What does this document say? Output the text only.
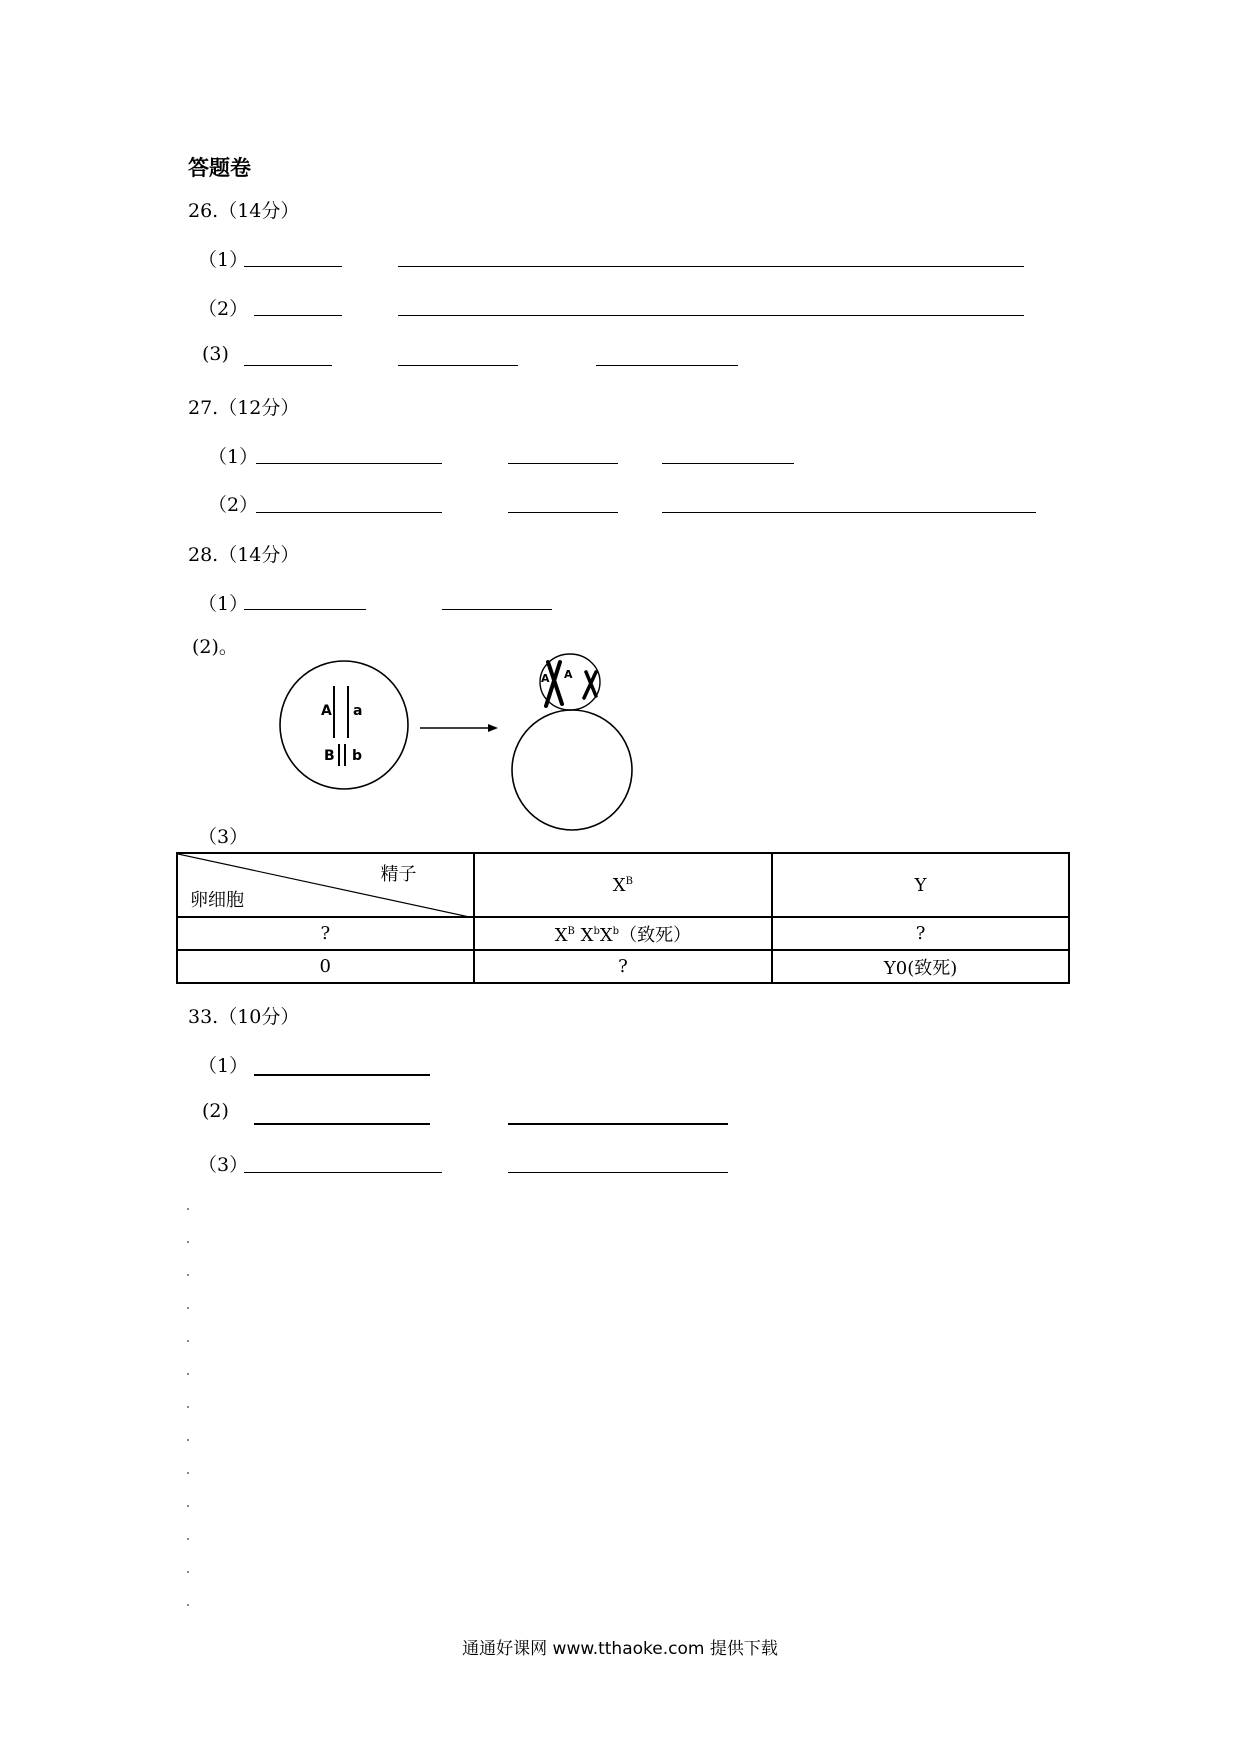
答题卷
26.（14分）
（1）
（2）
(3)
27.（12分）
（1）
（2）
28.（14分）
（1）
(2)。
A a
B b
A A
（3）
精子
卵细胞	$X^B$	Y
?	$X^B$ $X^bX^b$（致死）	?
0	?	Y0(致死)
33.（10分）
（1）
(2)
（3）
通通好课网 www.tthaoke.com 提供下载
